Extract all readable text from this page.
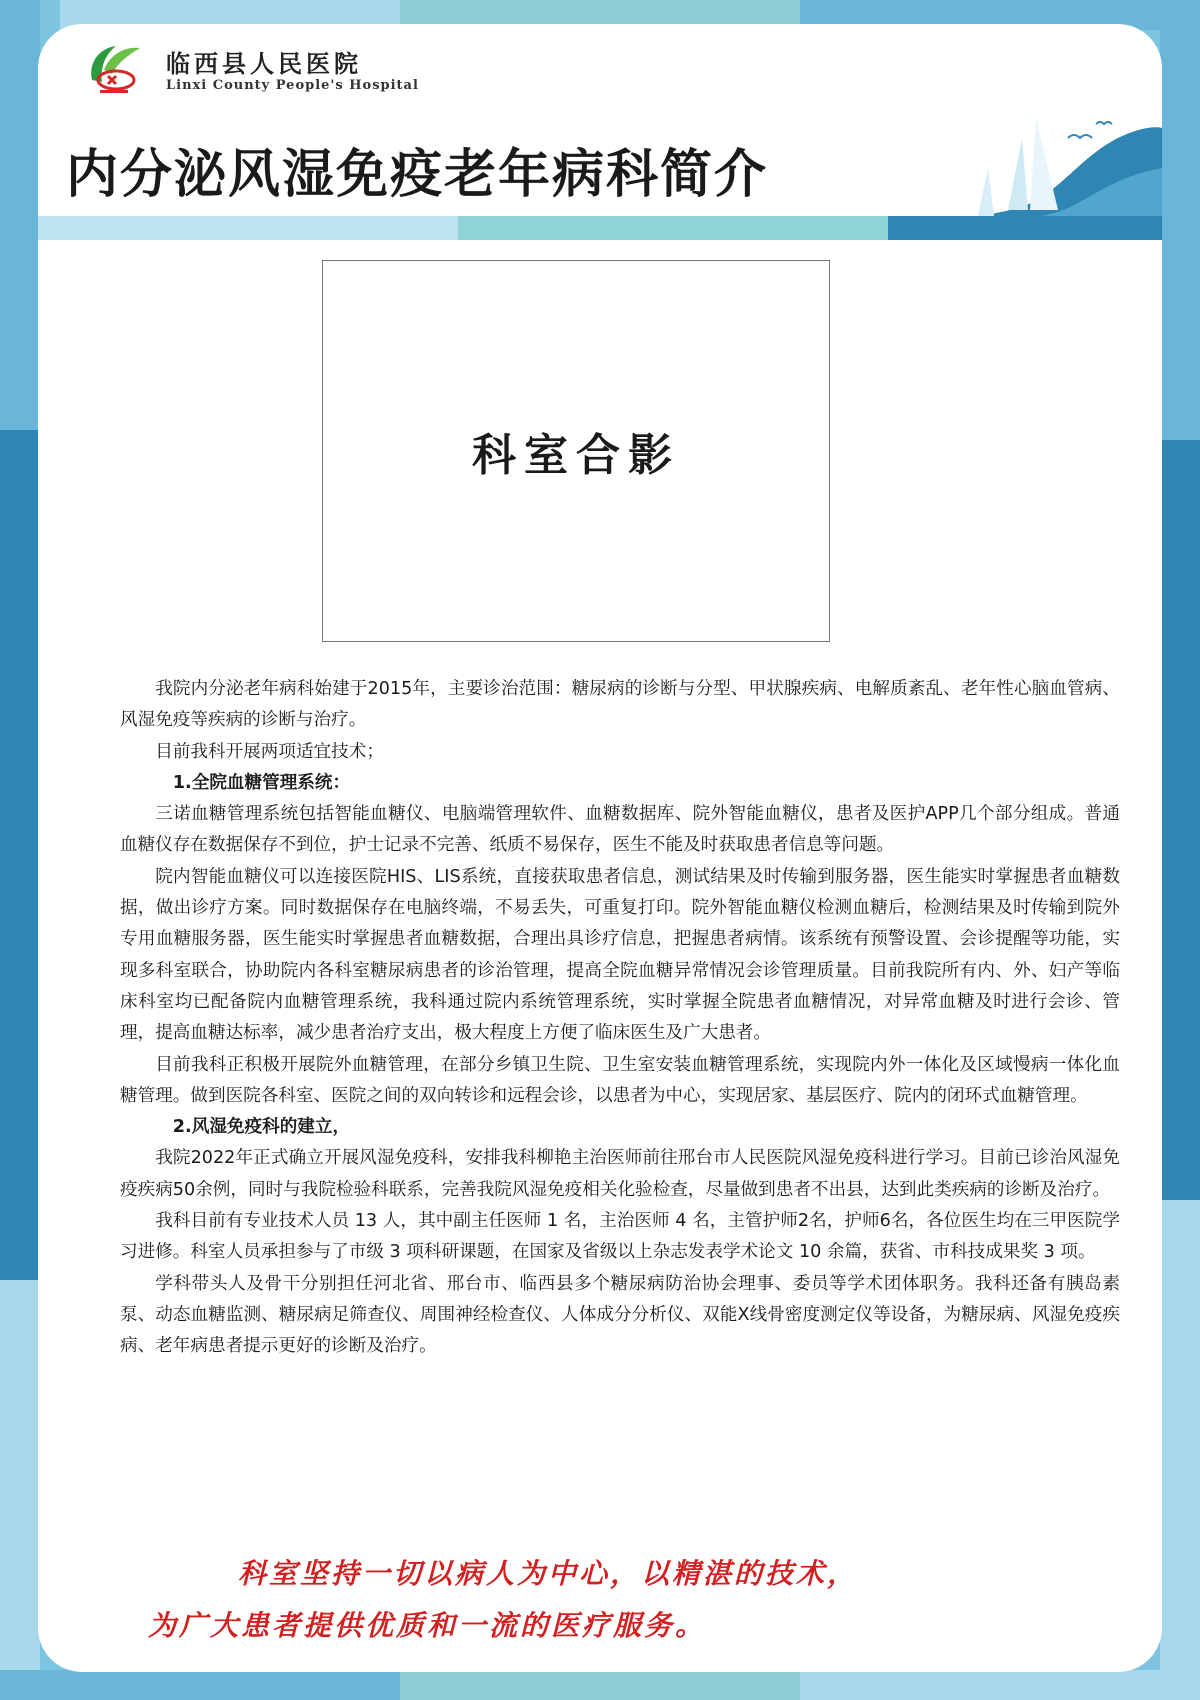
临西县人民医院
Linxi County People's Hospital
内分泌风湿免疫老年病科简介
科室合影

我院内分泌老年病科始建于2015年，主要诊治范围：糖尿病的诊断与分型、甲状腺疾病、电解质紊乱、老年性心脑血管病、风湿免疫等疾病的诊断与治疗。

目前我科开展两项适宜技术；

1.全院血糖管理系统：

三诺血糖管理系统包括智能血糖仪、电脑端管理软件、血糖数据库、院外智能血糖仪，患者及医护APP几个部分组成。普通血糖仪存在数据保存不到位，护士记录不完善、纸质不易保存，医生不能及时获取患者信息等问题。

院内智能血糖仪可以连接医院HIS、LIS系统，直接获取患者信息，测试结果及时传输到服务器，医生能实时掌握患者血糖数据，做出诊疗方案。同时数据保存在电脑终端，不易丢失，可重复打印。院外智能血糖仪检测血糖后，检测结果及时传输到院外专用血糖服务器，医生能实时掌握患者血糖数据，合理出具诊疗信息，把握患者病情。该系统有预警设置、会诊提醒等功能，实现多科室联合，协助院内各科室糖尿病患者的诊治管理，提高全院血糖异常情况会诊管理质量。目前我院所有内、外、妇产等临床科室均已配备院内血糖管理系统，我科通过院内系统管理系统，实时掌握全院患者血糖情况，对异常血糖及时进行会诊、管理，提高血糖达标率，减少患者治疗支出，极大程度上方便了临床医生及广大患者。

目前我科正积极开展院外血糖管理，在部分乡镇卫生院、卫生室安装血糖管理系统，实现院内外一体化及区域慢病一体化血糖管理。做到医院各科室、医院之间的双向转诊和远程会诊，以患者为中心，实现居家、基层医疗、院内的闭环式血糖管理。

2.风湿免疫科的建立，

我院2022年正式确立开展风湿免疫科，安排我科柳艳主治医师前往邢台市人民医院风湿免疫科进行学习。目前已诊治风湿免疫疾病50余例，同时与我院检验科联系，完善我院风湿免疫相关化验检查，尽量做到患者不出县，达到此类疾病的诊断及治疗。

我科目前有专业技术人员 13 人，其中副主任医师 1 名，主治医师 4 名，主管护师2名，护师6名，各位医生均在三甲医院学习进修。科室人员承担参与了市级 3 项科研课题，在国家及省级以上杂志发表学术论文 10 余篇，获省、市科技成果奖 3 项。

学科带头人及骨干分别担任河北省、邢台市、临西县多个糖尿病防治协会理事、委员等学术团体职务。我科还备有胰岛素泵、动态血糖监测、糖尿病足筛查仪、周围神经检查仪、人体成分分析仪、双能X线骨密度测定仪等设备，为糖尿病、风湿免疫疾病、老年病患者提示更好的诊断及治疗。

科室坚持一切以病人为中心，以精湛的技术，
为广大患者提供优质和一流的医疗服务。
